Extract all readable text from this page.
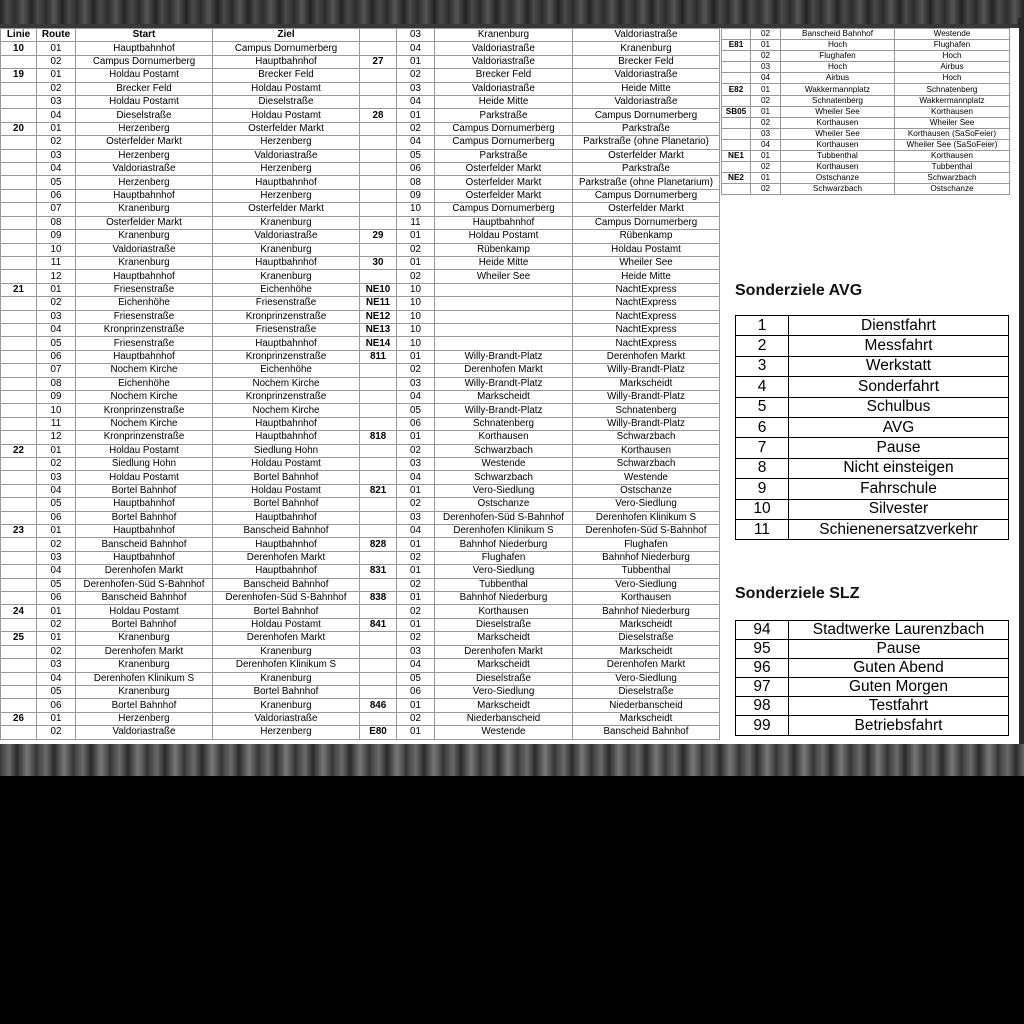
Linie	Route	Start	Ziel
10	01	Hauptbahnhof	Campus Dornumerberg
	02	Campus Dornumerberg	Hauptbahnhof
19	01	Holdau Postamt	Brecker Feld
	02	Brecker Feld	Holdau Postamt
	03	Holdau Postamt	Dieselstraße
	04	Dieselstraße	Holdau Postamt
20	01	Herzenberg	Osterfelder Markt
	02	Osterfelder Markt	Herzenberg
	03	Herzenberg	Valdoriastraße
	04	Valdoriastraße	Herzenberg
	05	Herzenberg	Hauptbahnhof
	06	Hauptbahnhof	Herzenberg
	07	Kranenburg	Osterfelder Markt
	08	Osterfelder Markt	Kranenburg
	09	Kranenburg	Valdoriastraße
	10	Valdoriastraße	Kranenburg
	11	Kranenburg	Hauptbahnhof
	12	Hauptbahnhof	Kranenburg
21	01	Friesenstraße	Eichenhöhe
	02	Eichenhöhe	Friesenstraße
	03	Friesenstraße	Kronprinzenstraße
	04	Kronprinzenstraße	Friesenstraße
	05	Friesenstraße	Hauptbahnhof
	06	Hauptbahnhof	Kronprinzenstraße
	07	Nochem Kirche	Eichenhöhe
	08	Eichenhöhe	Nochem Kirche
	09	Nochem Kirche	Kronprinzenstraße
	10	Kronprinzenstraße	Nochem Kirche
	11	Nochem Kirche	Hauptbahnhof
	12	Kronprinzenstraße	Hauptbahnhof
22	01	Holdau Postamt	Siedlung Hohn
	02	Siedlung Hohn	Holdau Postamt
	03	Holdau Postamt	Bortel Bahnhof
	04	Bortel Bahnhof	Holdau Postamt
	05	Hauptbahnhof	Bortel Bahnhof
	06	Bortel Bahnhof	Hauptbahnhof
23	01	Hauptbahnhof	Banscheid Bahnhof
	02	Banscheid Bahnhof	Hauptbahnhof
	03	Hauptbahnhof	Derenhofen Markt
	04	Derenhofen Markt	Hauptbahnhof
	05	Derenhofen-Süd S-Bahnhof	Banscheid Bahnhof
	06	Banscheid Bahnhof	Derenhofen-Süd S-Bahnhof
24	01	Holdau Postamt	Bortel Bahnhof
	02	Bortel Bahnhof	Holdau Postamt
25	01	Kranenburg	Derenhofen Markt
	02	Derenhofen Markt	Kranenburg
	03	Kranenburg	Derenhofen Klinikum S
	04	Derenhofen Klinikum S	Kranenburg
	05	Kranenburg	Bortel Bahnhof
	06	Bortel Bahnhof	Kranenburg
26	01	Herzenberg	Valdoriastraße
	02	Valdoriastraße	Herzenberg
	03	Kranenburg	Valdoriastraße
	04	Valdoriastraße	Kranenburg
27	01	Valdoriastraße	Brecker Feld
	02	Brecker Feld	Valdoriastraße
	03	Valdoriastraße	Heide Mitte
	04	Heide Mitte	Valdoriastraße
28	01	Parkstraße	Campus Dornumerberg
	02	Campus Dornumerberg	Parkstraße
	04	Campus Dornumerberg	Parkstraße (ohne Planetario)
	05	Parkstraße	Osterfelder Markt
	06	Osterfelder Markt	Parkstraße
	08	Osterfelder Markt	Parkstraße (ohne Planetarium)
	09	Osterfelder Markt	Campus Dornumerberg
	10	Campus Dornumerberg	Osterfelder Markt
	11	Hauptbahnhof	Campus Dornumerberg
29	01	Holdau Postamt	Rübenkamp
	02	Rübenkamp	Holdau Postamt
30	01	Heide Mitte	Wheiler See
	02	Wheiler See	Heide Mitte
NE10	10		NachtExpress
NE11	10		NachtExpress
NE12	10		NachtExpress
NE13	10		NachtExpress
NE14	10		NachtExpress
811	01	Willy-Brandt-Platz	Derenhofen Markt
	02	Derenhofen Markt	Willy-Brandt-Platz
	03	Willy-Brandt-Platz	Markscheidt
	04	Markscheidt	Willy-Brandt-Platz
	05	Willy-Brandt-Platz	Schnatenberg
	06	Schnatenberg	Willy-Brandt-Platz
818	01	Korthausen	Schwarzbach
	02	Schwarzbach	Korthausen
	03	Westende	Schwarzbach
	04	Schwarzbach	Westende
821	01	Vero-Siedlung	Ostschanze
	02	Ostschanze	Vero-Siedlung
	03	Derenhofen-Süd S-Bahnhof	Derenhofen Klinikum S
	04	Derenhofen Klinikum S	Derenhofen-Süd S-Bahnhof
828	01	Bahnhof Niederburg	Flughafen
	02	Flughafen	Bahnhof Niederburg
831	01	Vero-Siedlung	Tubbenthal
	02	Tubbenthal	Vero-Siedlung
838	01	Bahnhof Niederburg	Korthausen
	02	Korthausen	Bahnhof Niederburg
841	01	Dieselstraße	Markscheidt
	02	Markscheidt	Dieselstraße
	03	Derenhofen Markt	Markscheidt
	04	Markscheidt	Derenhofen Markt
	05	Dieselstraße	Vero-Siedlung
	06	Vero-Siedlung	Dieselstraße
846	01	Markscheidt	Niederbanscheid
	02	Niederbanscheid	Markscheidt
E80	01	Westende	Banscheid Bahnhof
	02	Banscheid Bahnhof	Westende
E81	01	Hoch	Flughafen
	02	Flughafen	Hoch
	03	Hoch	Airbus
	04	Airbus	Hoch
E82	01	Wakkermannplatz	Schnatenberg
	02	Schnatenberg	Wakkermannplatz
SB05	01	Wheiler See	Korthausen
	02	Korthausen	Wheiler See
	03	Wheiler See	Korthausen (SaSoFeier)
	04	Korthausen	Wheiler See (SaSoFeier)
NE1	01	Tubbenthal	Korthausen
	02	Korthausen	Tubbenthal
NE2	01	Ostschanze	Schwarzbach
	02	Schwarzbach	Ostschanze
Sonderziele AVG
1	Dienstfahrt
2	Messfahrt
3	Werkstatt
4	Sonderfahrt
5	Schulbus
6	AVG
7	Pause
8	Nicht einsteigen
9	Fahrschule
10	Silvester
11	Schienenersatzverkehr
Sonderziele SLZ
94	Stadtwerke Laurenzbach
95	Pause
96	Guten Abend
97	Guten Morgen
98	Testfahrt
99	Betriebsfahrt
